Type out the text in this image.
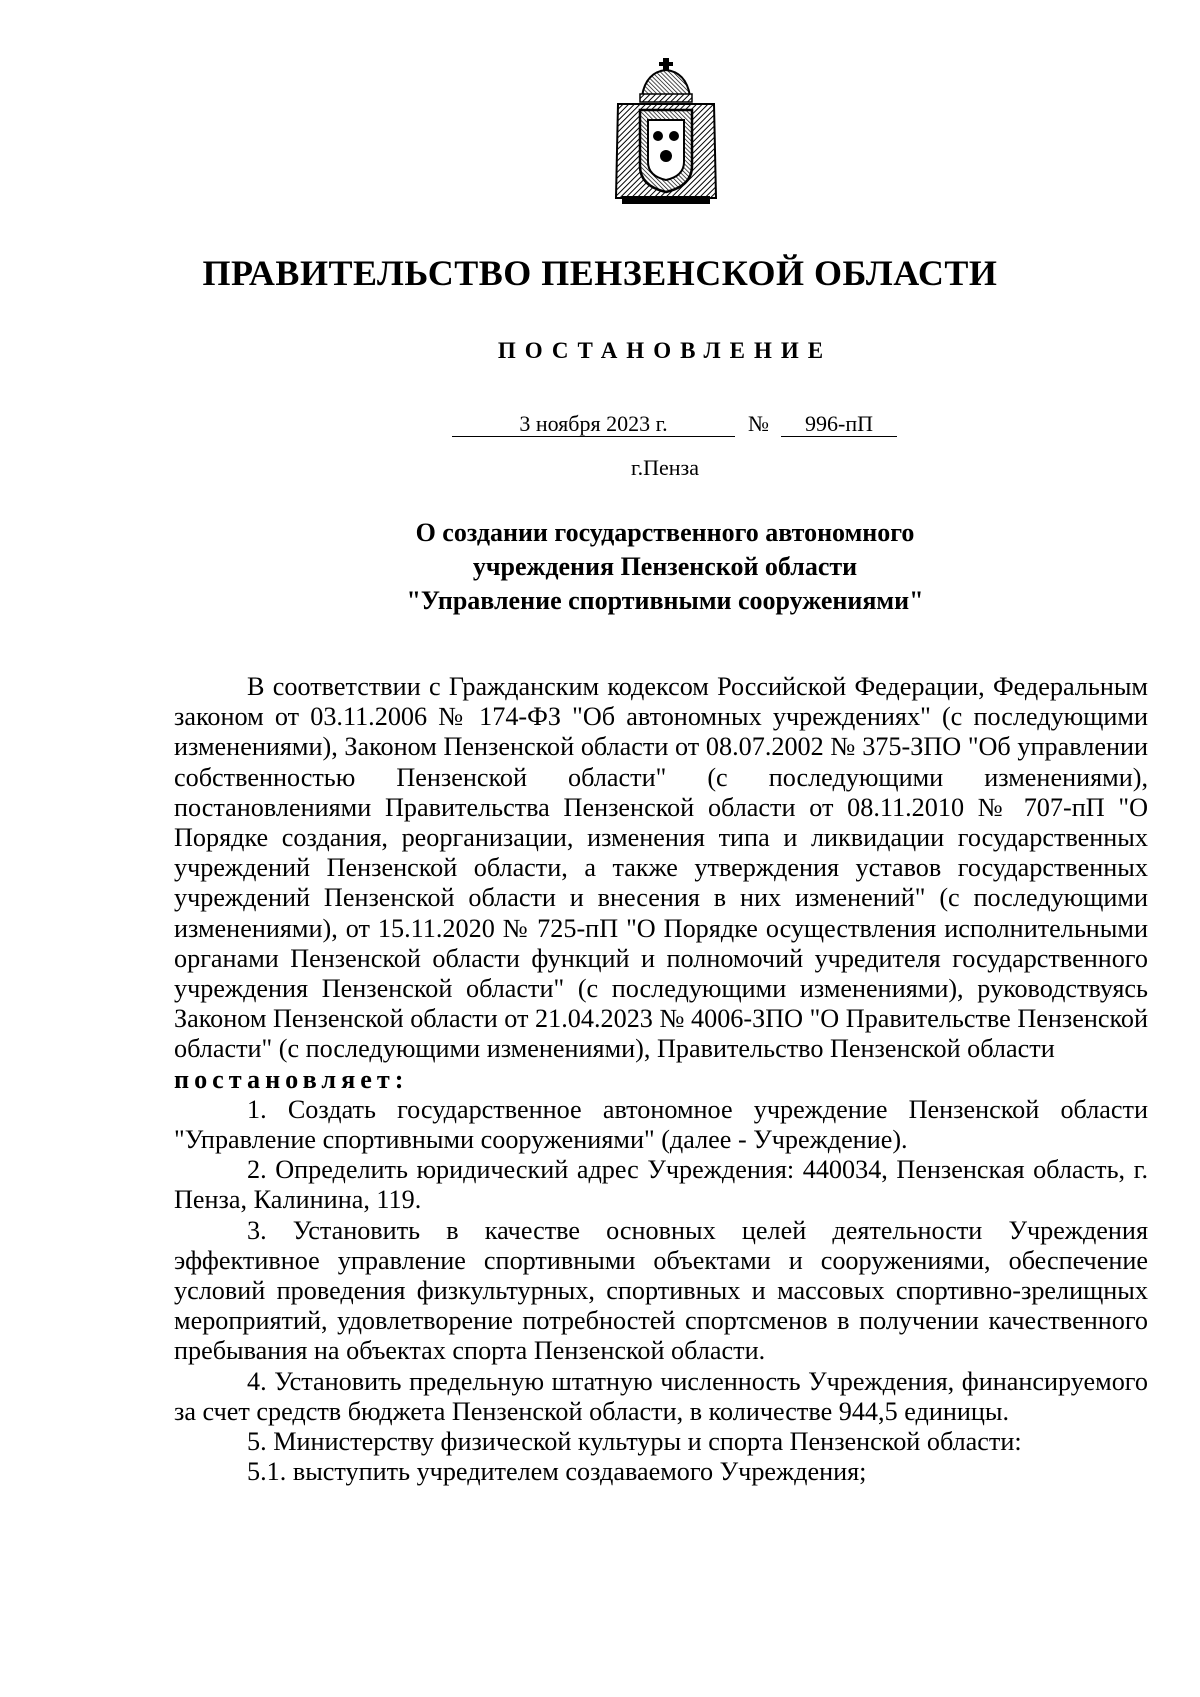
ПРАВИТЕЛЬСТВО ПЕНЗЕНСКОЙ ОБЛАСТИ
ПОСТАНОВЛЕНИЕ
3 ноября 2023 г.	№	996-пП
г.Пенза
О создании государственного автономного
учреждения Пензенской области
"Управление спортивными сооружениями"

В соответствии с Гражданским кодексом Российской Федерации, Федеральным законом от 03.11.2006 № 174-ФЗ "Об автономных учреждениях" (с последующими изменениями), Законом Пензенской области от 08.07.2002 № 375-ЗПО "Об управлении собственностью Пензенской области" (с последующими изменениями), постановлениями Правительства Пензенской области от 08.11.2010 № 707-пП "О Порядке создания, реорганизации, изменения типа и ликвидации государственных учреждений Пензенской области, а также утверждения уставов государственных учреждений Пензенской области и внесения в них изменений" (с последующими изменениями), от 15.11.2020 № 725-пП "О Порядке осуществления исполнительными органами Пензенской области функций и полномочий учредителя государственного учреждения Пензенской области" (с последующими изменениями), руководствуясь Законом Пензенской области от 21.04.2023 № 4006-ЗПО "О Правительстве Пензенской области" (с последующими изменениями), Правительство Пензенской области

постановляет:

1. Создать государственное автономное учреждение Пензенской области "Управление спортивными сооружениями" (далее - Учреждение).

2. Определить юридический адрес Учреждения: 440034, Пензенская область, г. Пенза, Калинина, 119.

3. Установить в качестве основных целей деятельности Учреждения эффективное управление спортивными объектами и сооружениями, обеспечение условий проведения физкультурных, спортивных и массовых спортивно-зрелищных мероприятий, удовлетворение потребностей спортсменов в получении качественного пребывания на объектах спорта Пензенской области.

4. Установить предельную штатную численность Учреждения, финансируемого за счет средств бюджета Пензенской области, в количестве 944,5 единицы.

5. Министерству физической культуры и спорта Пензенской области:

5.1. выступить учредителем создаваемого Учреждения;
